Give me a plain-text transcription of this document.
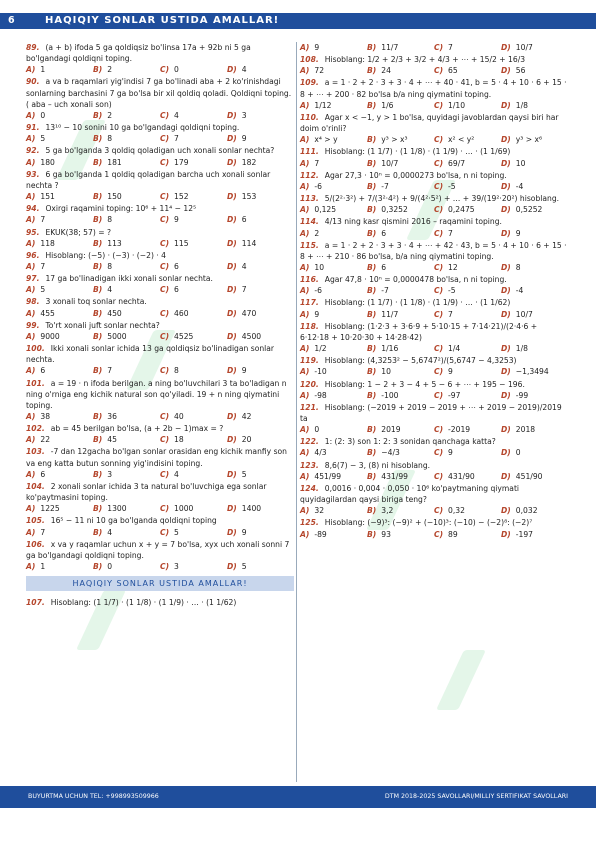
6	HAQIQIY SONLAR USTIDA AMALLAR!

89. (a + b) ifoda 5 ga qoldiqsiz bo'linsa 17a + 92b ni 5 ga bo'lgandagi qoldiqni toping.

A) 1	B) 2	C) 0	D) 4

90. a va b raqamlari yig'indisi 7 ga bo'linadi aba + 2 ko'rinishdagi sonlarning barchasini 7 ga bo'lsa bir xil qoldiq qoladi. Qoldiqni toping. ( aba – uch xonali son)

A) 0	B) 2	C) 4	D) 3

91. 13¹⁰ − 10 sonini 10 ga bo'lgandagi qoldiqni toping.

A) 5	B) 8	C) 7	D) 9

92. 5 ga bo'lganda 3 qoldiq qoladigan uch xonali sonlar nechta?

A) 180	B) 181	C) 179	D) 182

93. 6 ga bo'lganda 1 qoldiq qoladigan barcha uch xonali sonlar nechta ?

A) 151	B) 150	C) 152	D) 153

94. Oxirgi raqamini toping: 10⁶ + 11⁴ − 12⁵

A) 7	B) 8	C) 9	D) 6

95. EKUK(38; 57) = ?

A) 118	B) 113	C) 115	D) 114

96. Hisoblang: (−5) · (−3) · (−2) · 4

A) 7	B) 8	C) 6	D) 4

97. 17 ga bo'linadigan ikki xonali sonlar nechta.

A) 5	B) 4	C) 6	D) 7

98. 3 xonali toq sonlar nechta.

A) 455	B) 450	C) 460	D) 470

99. To'rt xonali juft sonlar nechta?

A) 9000	B) 5000	C) 4525	D) 4500

100. Ikki xonali sonlar ichida 13 ga qoldiqsiz bo'linadigan sonlar nechta.

A) 6	B) 7	C) 8	D) 9

101. a = 19 · n ifoda berilgan. a ning bo'luvchilari 3 ta bo'ladigan n ning o'rniga eng kichik natural son qo'yiladi. 19 + n ning qiymatini toping.

A) 38	B) 36	C) 40	D) 42

102. ab = 45 berilgan bo'lsa, (a + 2b − 1)max = ?

A) 22	B) 45	C) 18	D) 20

103. -7 dan 12gacha bo'lgan sonlar orasidan eng kichik manfiy son va eng katta butun sonning yig'indisini toping.

A) 6	B) 3	C) 4	D) 5

104. 2 xonali sonlar ichida 3 ta natural bo'luvchiga ega sonlar ko'paytmasini toping.

A) 1225	B) 1300	C) 1000	D) 1400

105. 16⁵ − 11 ni 10 ga bo'lganda qoldiqni toping

A) 7	B) 4	C) 5	D) 9

106. x va y raqamlar uchun x + y = 7 bo'lsa, xyx uch xonali sonni 7 ga bo'lgandagi qoldiqni toping.

A) 1	B) 0	C) 3	D) 5
HAQIQIY SONLAR USTIDA AMALLAR!

107. Hisoblang: (1 1/7) · (1 1/8) · (1 1/9) · … · (1 1/62)

A) 9	B) 11/7	C) 7	D) 10/7

108. Hisoblang: 1/2 + 2/3 + 3/2 + 4/3 + ⋯ + 15/2 + 16/3

A) 72	B) 24	C) 65	D) 56

109. a = 1 · 2 + 2 · 3 + 3 · 4 + ⋯ + 40 · 41, b = 5 · 4 + 10 · 6 + 15 · 8 + ⋯ + 200 · 82 bo'lsa b/a ning qiymatini toping.

A) 1/12	B) 1/6	C) 1/10	D) 1/8

110. Agar x < −1, y > 1 bo'lsa, quyidagi javoblardan qaysi biri har doim o'rinli?

A) x⁴ > y	B) y³ > x³	C) x² < y²	D) y³ > x⁶

111. Hisoblang: (1 1/7) · (1 1/8) · (1 1/9) · … · (1 1/69)

A) 7	B) 10/7	C) 69/7	D) 10

112. Agar 27,3 · 10ⁿ = 0,0000273 bo'lsa, n ni toping.

A) -6	B) -7	C) -5	D) -4

113. 5/(2²·3²) + 7/(3²·4²) + 9/(4²·5²) + … + 39/(19²·20²) hisoblang.

A) 0,125	B) 0,3252	C) 0,2475	D) 0,5252

114. 4/13 ning kasr qismini 2016 – raqamini toping.

A) 2	B) 6	C) 7	D) 9

115. a = 1 · 2 + 2 · 3 + 3 · 4 + ⋯ + 42 · 43, b = 5 · 4 + 10 · 6 + 15 · 8 + ⋯ + 210 · 86 bo'lsa, b/a ning qiymatini toping.

A) 10	B) 6	C) 12	D) 8

116. Agar 47,8 · 10ⁿ = 0,0000478 bo'lsa, n ni toping.

A) -6	B) -7	C) -5	D) -4

117. Hisoblang: (1 1/7) · (1 1/8) · (1 1/9) · … · (1 1/62)

A) 9	B) 11/7	C) 7	D) 10/7

118. Hisoblang: (1·2·3 + 3·6·9 + 5·10·15 + 7·14·21)/(2·4·6 + 6·12·18 + 10·20·30 + 14·28·42)

A) 1/2	B) 1/16	C) 1/4	D) 1/8

119. Hisoblang: (4,3253² − 5,6747²)/(5,6747 − 4,3253)

A) -10	B) 10	C) 9	D) −1,3494

120. Hisoblang: 1 − 2 + 3 − 4 + 5 − 6 + ⋯ + 195 − 196.

A) -98	B) -100	C) -97	D) -99

121. Hisoblang: (−2019 + 2019 − 2019 + ⋯ + 2019 − 2019)/2019 ta

A) 0	B) 2019	C) -2019	D) 2018

122. 1: (2: 3) son 1: 2: 3 sonidan qanchaga katta?

A) 4/3	B) −4/3	C) 9	D) 0

123. 8,6(7) − 3, (8) ni hisoblang.

A) 451/99	B) 431/99	C) 431/90	D) 451/90

124. 0,0016 · 0,004 · 0,050 · 10⁶ ko'paytmaning qiymati quyidagilardan qaysi biriga teng?

A) 32	B) 3,2	C) 0,32	D) 0,032

125. Hisoblang: (−9)³: (−9)² + (−10)³: (−10) − (−2)⁸: (−2)⁷

A) -89	B) 93	C) 89	D) -197
BUYURTMA UCHUN TEL: +998993509966	DTM 2018-2025 SAVOLLARI/MILLIY SERTIFIKAT SAVOLLARI
